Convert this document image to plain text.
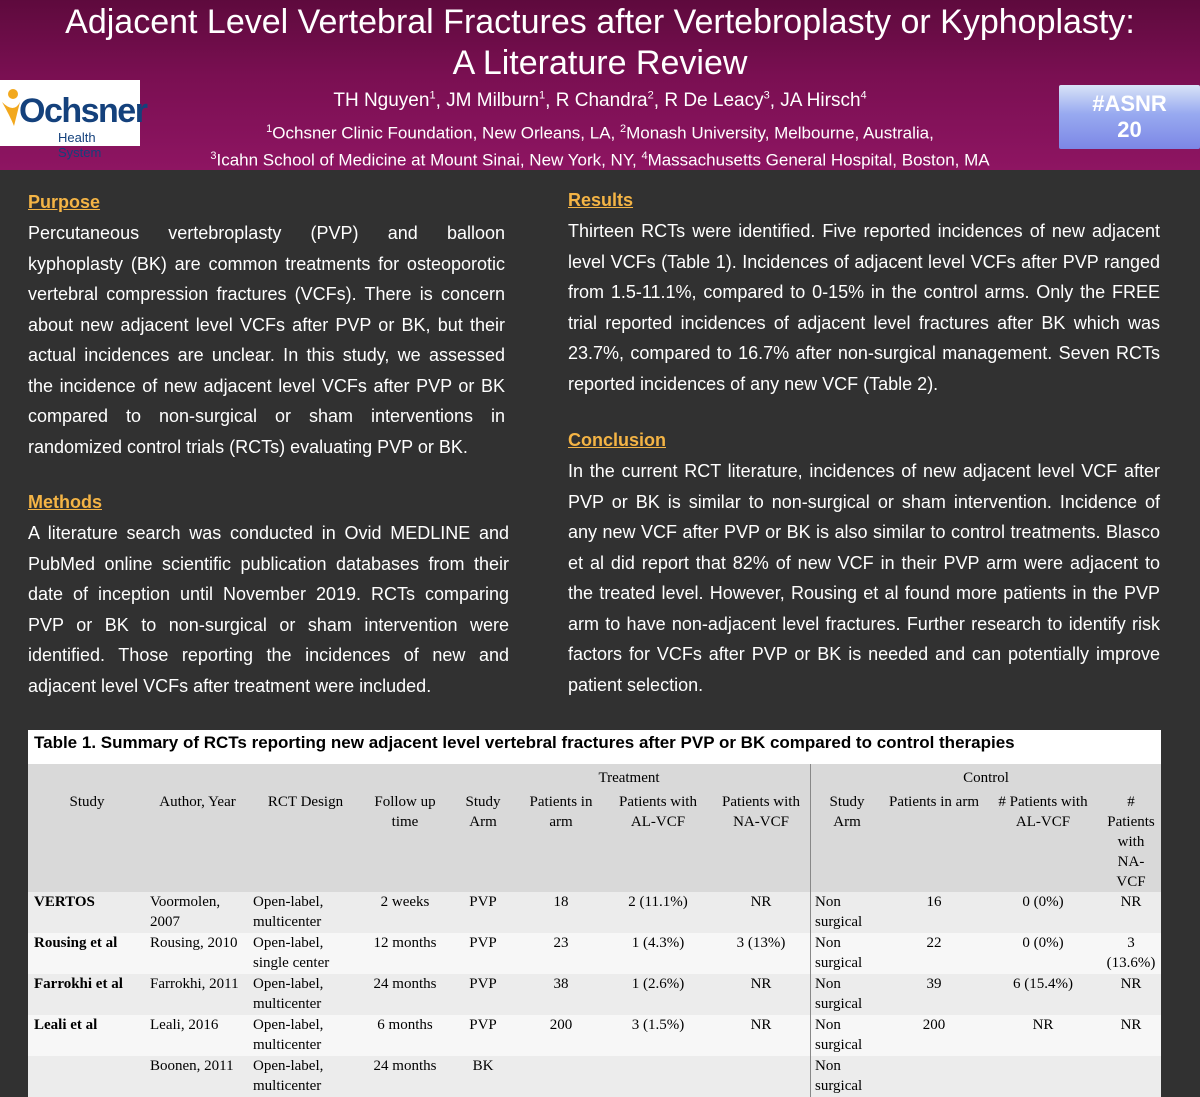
Adjacent Level Vertebral Fractures after Vertebroplasty or Kyphoplasty:
A Literature Review
Ochsner
Health System
TH Nguyen$^1$, JM Milburn$^1$, R Chandra$^2$, R De Leacy$^3$, JA Hirsch$^4$
$^1$Ochsner Clinic Foundation, New Orleans, LA, $^2$Monash University, Melbourne, Australia,
$^3$Icahn School of Medicine at Mount Sinai, New York, NY, $^4$Massachusetts General Hospital, Boston, MA
#ASNR
20
Purpose
Percutaneous vertebroplasty (PVP) and balloon kyphoplasty (BK) are common treatments for osteoporotic vertebral compression fractures (VCFs). There is concern about new adjacent level VCFs after PVP or BK, but their actual incidences are unclear. In this study, we assessed the incidence of new adjacent level VCFs after PVP or BK compared to non-surgical or sham interventions in randomized control trials (RCTs) evaluating PVP or BK.
Methods
A literature search was conducted in Ovid MEDLINE and PubMed online scientific publication databases from their date of inception until November 2019. RCTs comparing PVP or BK to non-surgical or sham intervention were identified. Those reporting the incidences of new and adjacent level VCFs after treatment were included.
Results
Thirteen RCTs were identified. Five reported incidences of new adjacent level VCFs (Table 1). Incidences of adjacent level VCFs after PVP ranged from 1.5-11.1%, compared to 0-15% in the control arms. Only the FREE trial reported incidences of adjacent level fractures after BK which was 23.7%, compared to 16.7% after non-surgical management. Seven RCTs reported incidences of any new VCF (Table 2).
Conclusion
In the current RCT literature, incidences of new adjacent level VCF after PVP or BK is similar to non-surgical or sham intervention. Incidence of any new VCF after PVP or BK is also similar to control treatments. Blasco et al did report that 82% of new VCF in their PVP arm were adjacent to the treated level. However, Rousing et al found more patients in the PVP arm to have non-adjacent level fractures. Further research to identify risk factors for VCFs after PVP or BK is needed and can potentially improve patient selection.
Table 1. Summary of RCTs reporting new adjacent level vertebral fractures after PVP or BK compared to control therapies
				Treatment				Control			
Study	Author, Year	RCT Design	Follow up time	Study Arm	Patients in arm	Patients with AL-VCF	Patients with NA-VCF	Study Arm	Patients in arm	# Patients with AL-VCF	# Patients with NA-VCF
VERTOS	Voormolen, 2007	Open-label, multicenter	2 weeks	PVP	18	2 (11.1%)	NR	Non surgical	16	0 (0%)	NR
Rousing et al	Rousing, 2010	Open-label, single center	12 months	PVP	23	1 (4.3%)	3 (13%)	Non surgical	22	0 (0%)	3 (13.6%)
Farrokhi et al	Farrokhi, 2011	Open-label, multicenter	24 months	PVP	38	1 (2.6%)	NR	Non surgical	39	6 (15.4%)	NR
Leali et al	Leali, 2016	Open-label, multicenter	6 months	PVP	200	3 (1.5%)	NR	Non surgical	200	NR	NR
	Boonen, 2011	Open-label, multicenter	24 months	BK				Non surgical			
